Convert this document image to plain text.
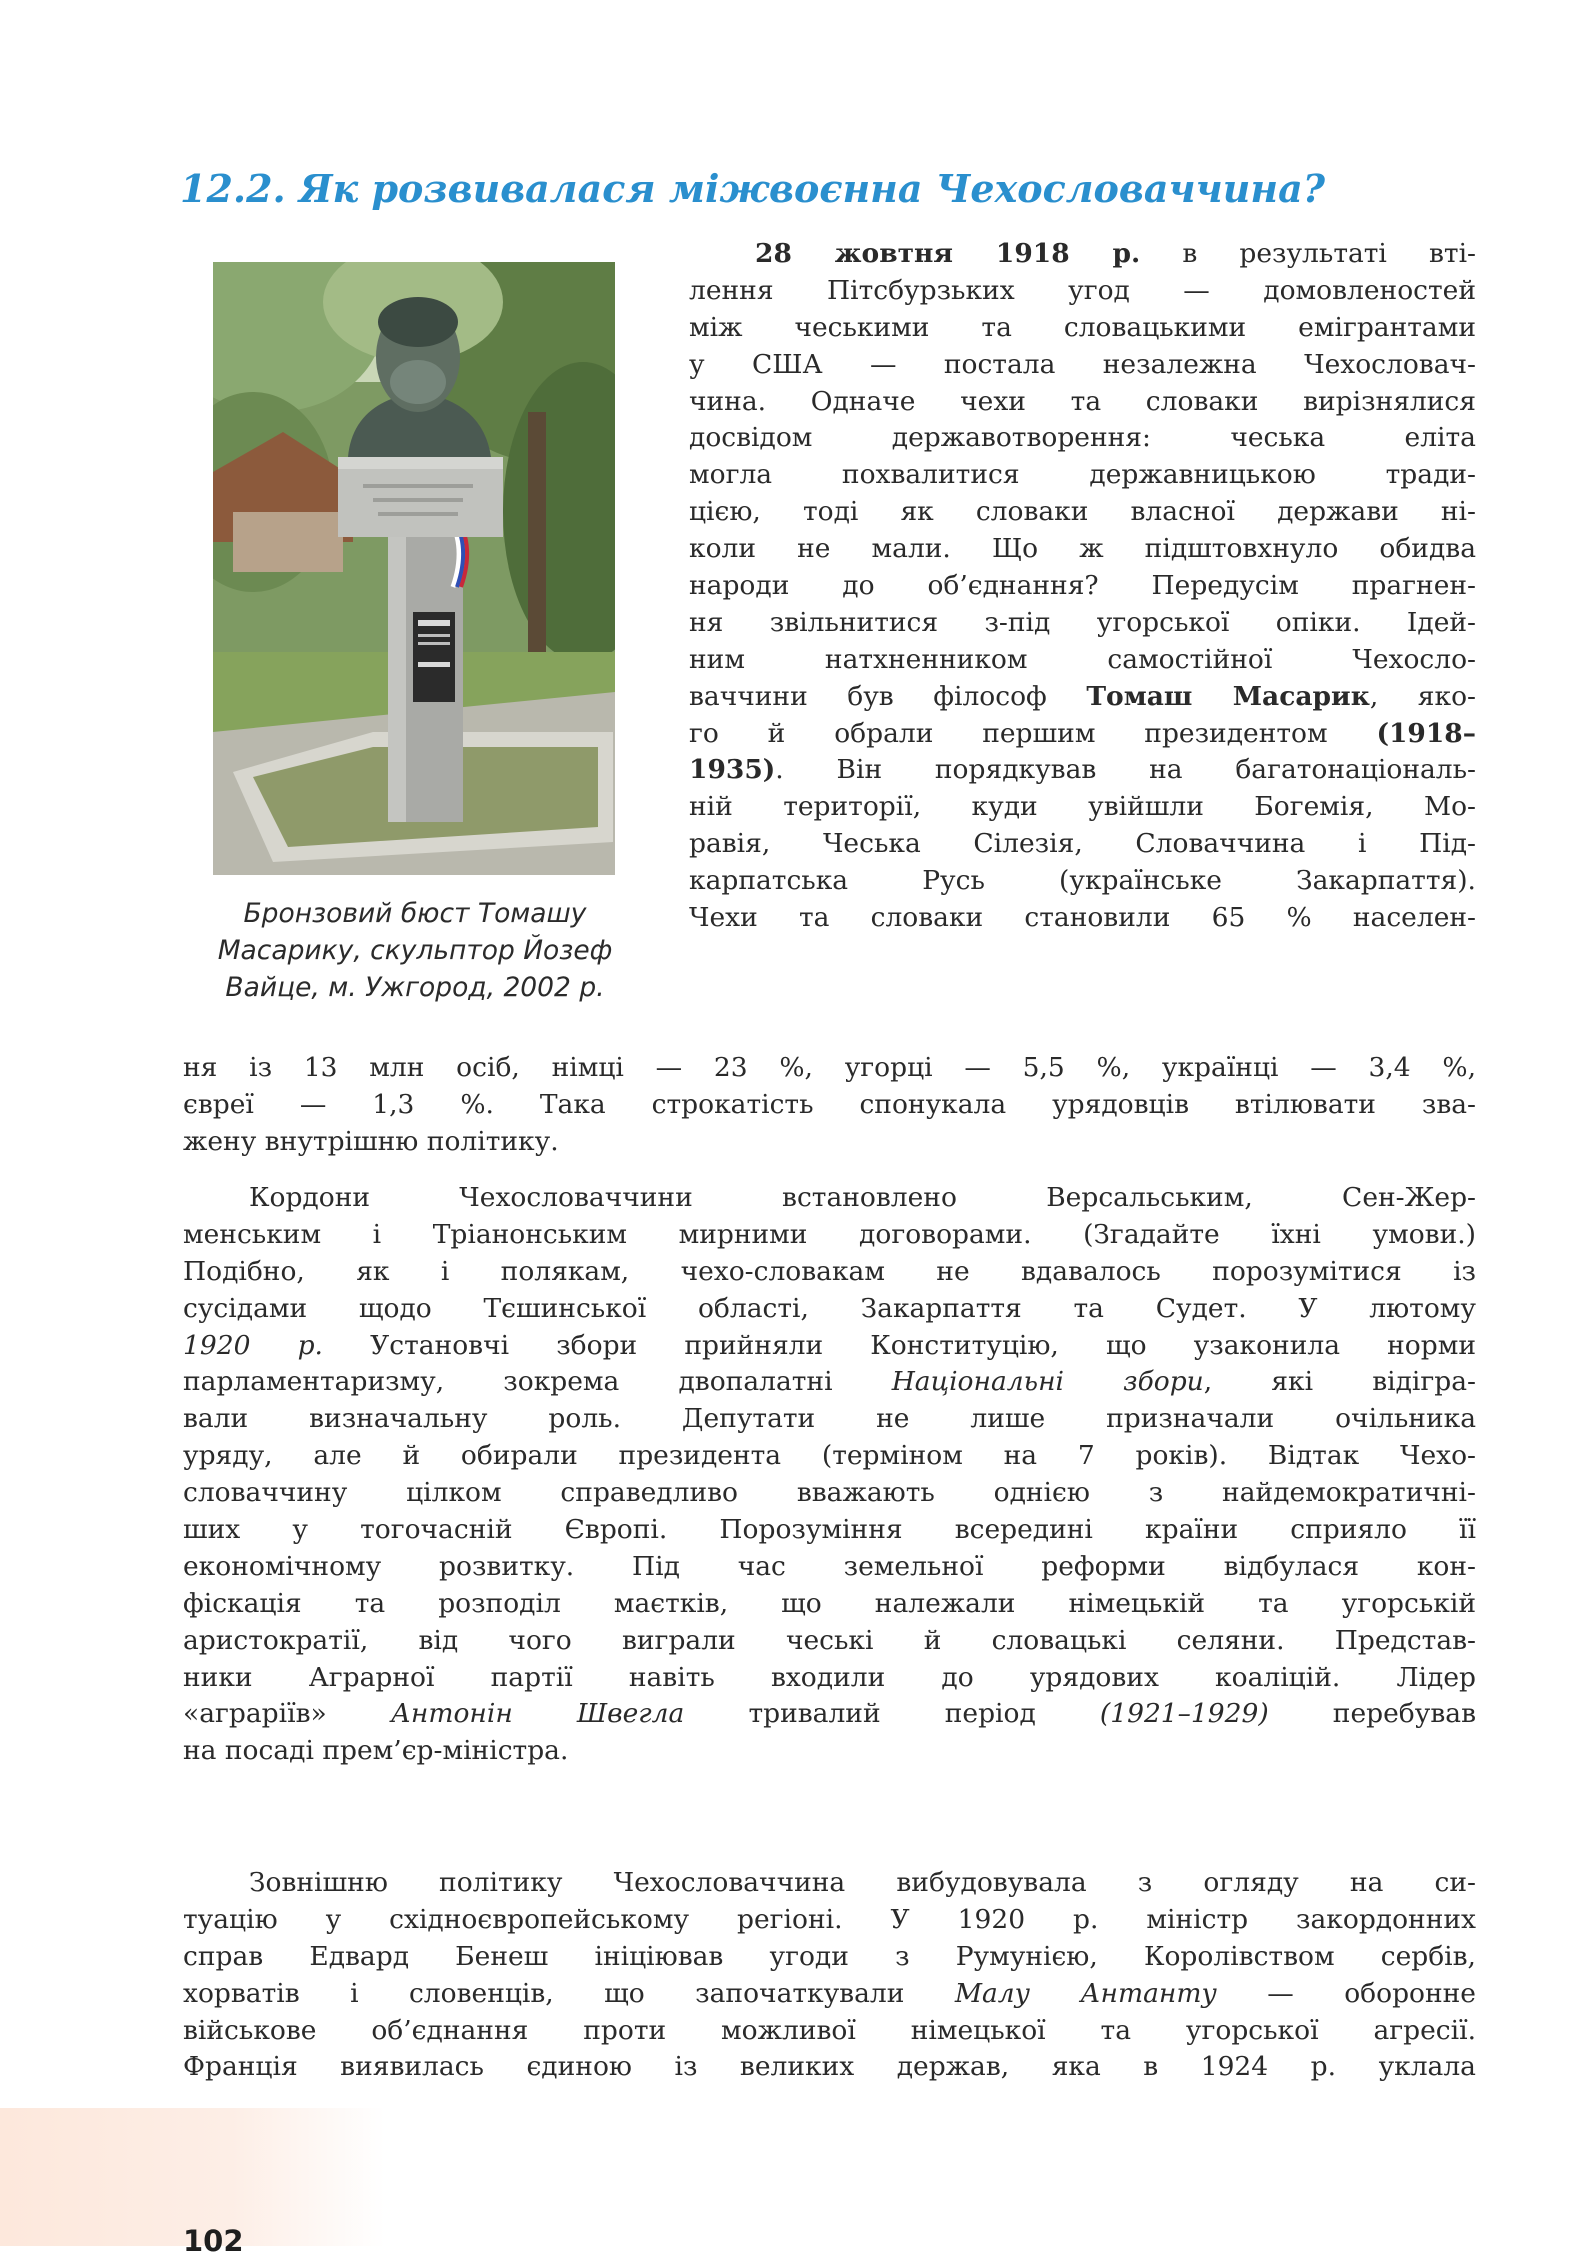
12.2. Як розвивалася міжвоєнна Чехословаччина?
Бронзовий бюст Томашу
Масарику, скульптор Йозеф
Вайце, м. Ужгород, 2002 р.
28 жовтня 1918 р. в результаті вті-
лення Пітсбурзьких угод — домовленостей
між чеськими та словацькими емігрантами
у США — постала незалежна Чехословач-
чина. Одначе чехи та словаки вирізнялися
досвідом державотворення: чеська еліта
могла похвалитися державницькою тради-
цією, тоді як словаки власної держави ні-
коли не мали. Що ж підштовхнуло обидва
народи до об’єднання? Передусім прагнен-
ня звільнитися з-під угорської опіки. Ідей-
ним натхненником самостійної Чехосло-
ваччини був філософ Томаш Масарик, яко-
го й обрали першим президентом (1918–
1935). Він порядкував на багатонаціональ-
ній території, куди увійшли Богемія, Мо-
равія, Чеська Сілезія, Словаччина і Під-
карпатська Русь (українське Закарпаття).
Чехи та словаки становили 65 % населен-
ня із 13 млн осіб, німці — 23 %, угорці — 5,5 %, українці — 3,4 %,
євреї — 1,3 %. Така строкатість спонукала урядовців втілювати зва-
жену внутрішню політику.
Кордони Чехословаччини встановлено Версальським, Сен-Жер-
менським і Тріанонським мирними договорами. (Згадайте їхні умови.)
Подібно, як і полякам, чехо-словакам не вдавалось порозумітися із
сусідами щодо Тєшинської області, Закарпаття та Судет. У лютому
1920 р. Установчі збори прийняли Конституцію, що узаконила норми
парламентаризму, зокрема двопалатні Національні збори, які відігра-
вали визначальну роль. Депутати не лише призначали очільника
уряду, але й обирали президента (терміном на 7 років). Відтак Чехо-
словаччину цілком справедливо вважають однією з найдемократичні-
ших у тогочасній Європі. Порозуміння всередині країни сприяло її
економічному розвитку. Під час земельної реформи відбулася кон-
фіскація та розподіл маєтків, що належали німецькій та угорській
аристократії, від чого виграли чеські й словацькі селяни. Представ-
ники Аграрної партії навіть входили до урядових коаліцій. Лідер
«аграріїв» Антонін Швегла тривалий період (1921–1929) перебував
на посаді прем’єр-міністра.
Зовнішню політику Чехословаччина вибудовувала з огляду на си-
туацію у східноєвропейському регіоні. У 1920 р. міністр закордонних
справ Едвард Бенеш ініціював угоди з Румунією, Королівством сербів,
хорватів і словенців, що започаткували Малу Антанту — оборонне
військове об’єднання проти можливої німецької та угорської агресії.
Франція виявилась єдиною із великих держав, яка в 1924 р. уклала
102
